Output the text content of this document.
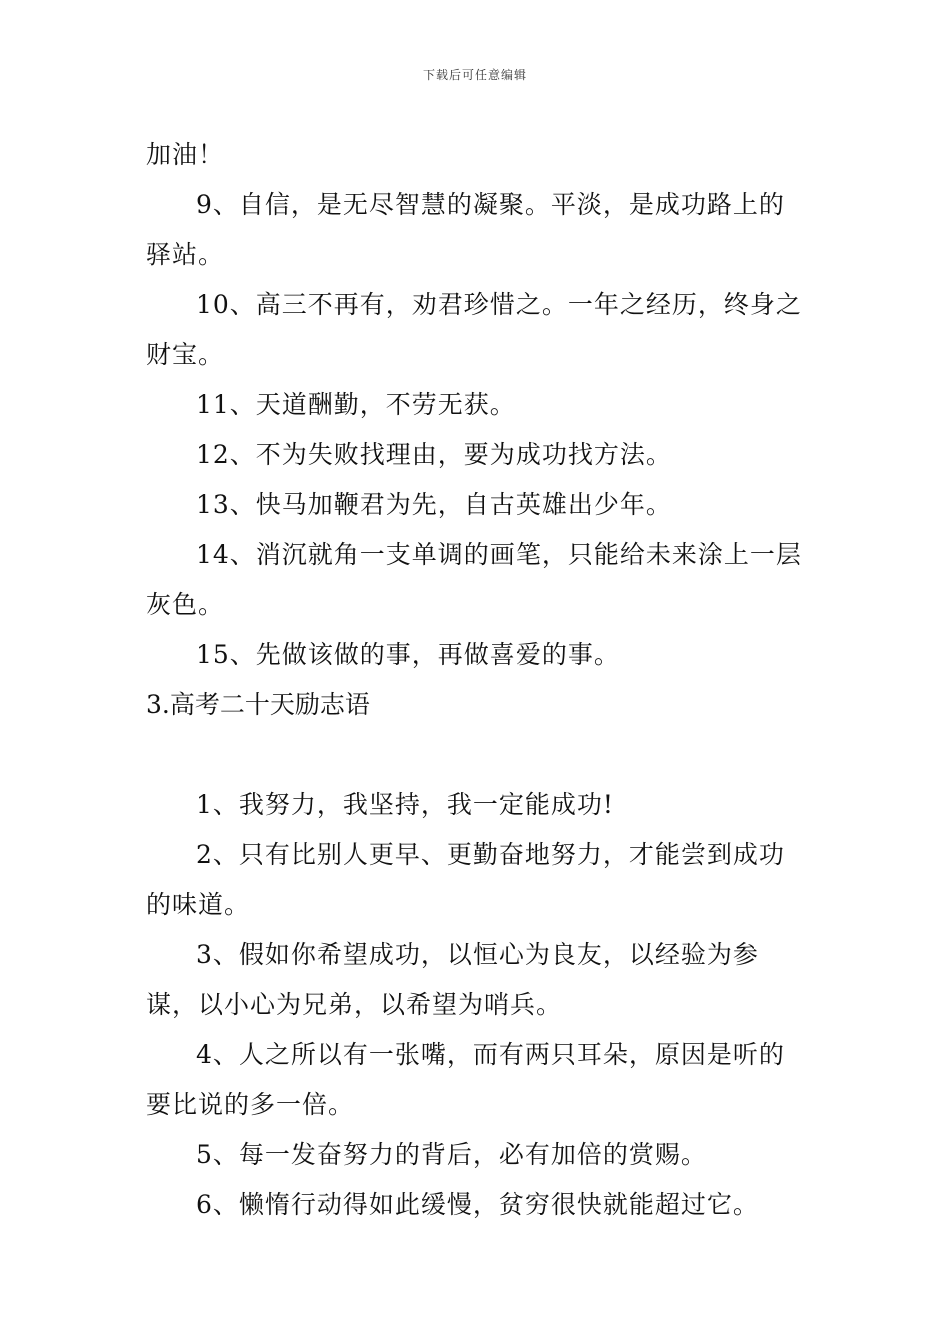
下载后可任意编辑

加油！

9、自信，是无尽智慧的凝聚。平淡，是成功路上的驿站。

10、高三不再有，劝君珍惜之。一年之经历，终身之财宝。

11、天道酬勤，不劳无获。

12、不为失败找理由，要为成功找方法。

13、快马加鞭君为先，自古英雄出少年。

14、消沉就角一支单调的画笔，只能给未来涂上一层灰色。

15、先做该做的事，再做喜爱的事。

3.高考二十天励志语

1、我努力，我坚持，我一定能成功!

2、只有比别人更早、更勤奋地努力，才能尝到成功的味道。

3、假如你希望成功，以恒心为良友，以经验为参谋，以小心为兄弟，以希望为哨兵。

4、人之所以有一张嘴，而有两只耳朵，原因是听的要比说的多一倍。

5、每一发奋努力的背后，必有加倍的赏赐。

6、懒惰行动得如此缓慢，贫穷很快就能超过它。
